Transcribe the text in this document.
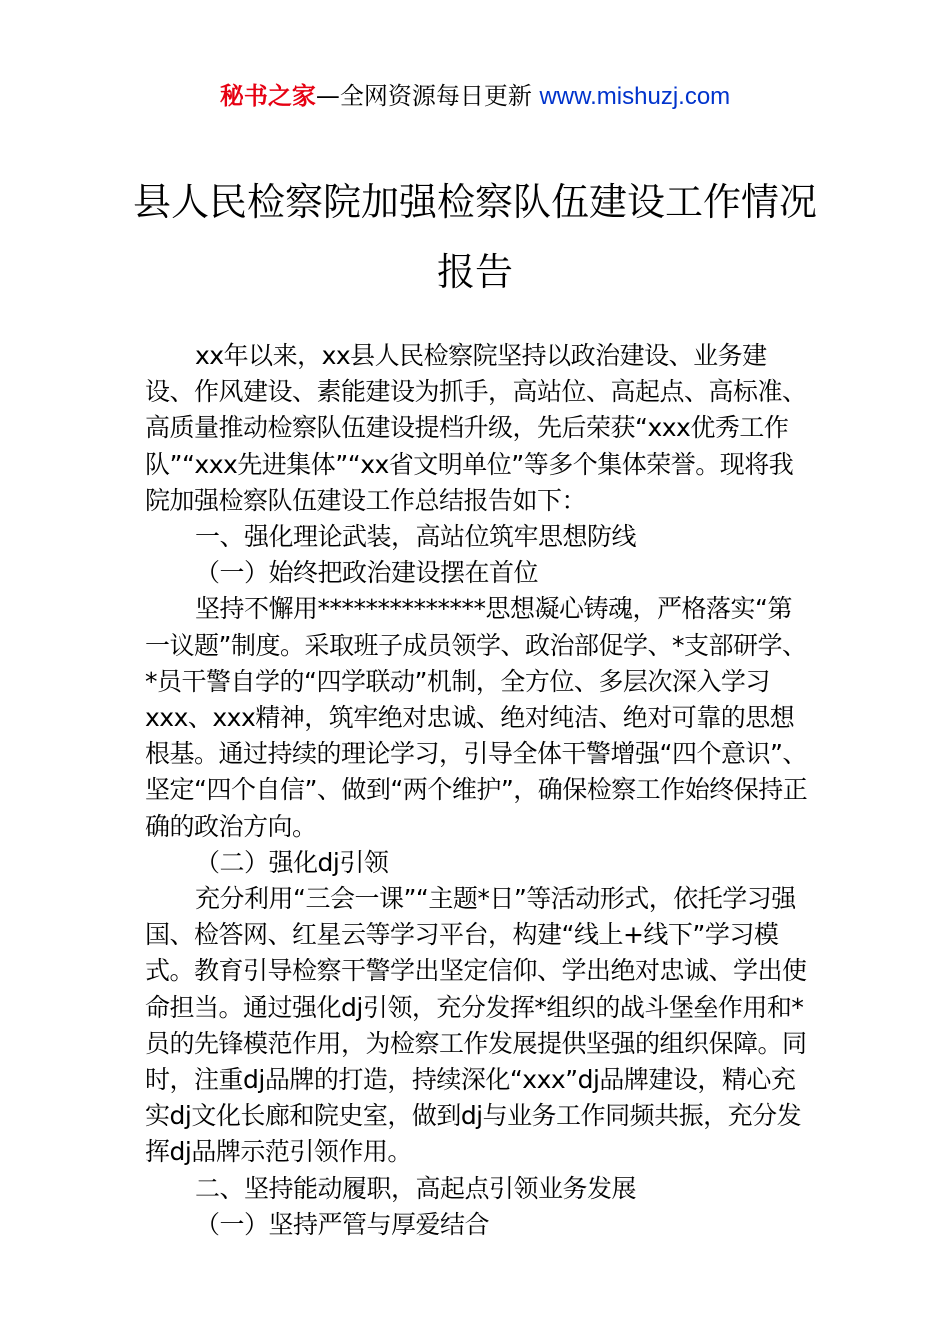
秘书之家—全网资源每日更新 www.mishuzj.com
县人民检察院加强检察队伍建设工作情况
报告

xx年以来，xx县人民检察院坚持以政治建设、业务建设、作风建设、素能建设为抓手，高站位、高起点、高标准、高质量推动检察队伍建设提档升级，先后荣获“xxx优秀工作队”“xxx先进集体”“xx省文明单位”等多个集体荣誉。现将我院加强检察队伍建设工作总结报告如下：

一、强化理论武装，高站位筑牢思想防线

（一）始终把政治建设摆在首位

坚持不懈用**************思想凝心铸魂，严格落实“第一议题”制度。采取班子成员领学、政治部促学、*支部研学、*员干警自学的“四学联动”机制，全方位、多层次深入学习xxx、xxx精神，筑牢绝对忠诚、绝对纯洁、绝对可靠的思想根基。通过持续的理论学习，引导全体干警增强“四个意识”、坚定“四个自信”、做到“两个维护”，确保检察工作始终保持正确的政治方向。

（二）强化dj引领

充分利用“三会一课”“主题*日”等活动形式，依托学习强国、检答网、红星云等学习平台，构建“线上+线下”学习模式。教育引导检察干警学出坚定信仰、学出绝对忠诚、学出使命担当。通过强化dj引领，充分发挥*组织的战斗堡垒作用和*员的先锋模范作用，为检察工作发展提供坚强的组织保障。同时，注重dj品牌的打造，持续深化“xxx”dj品牌建设，精心充实dj文化长廊和院史室，做到dj与业务工作同频共振，充分发挥dj品牌示范引领作用。

二、坚持能动履职，高起点引领业务发展

（一）坚持严管与厚爱结合
